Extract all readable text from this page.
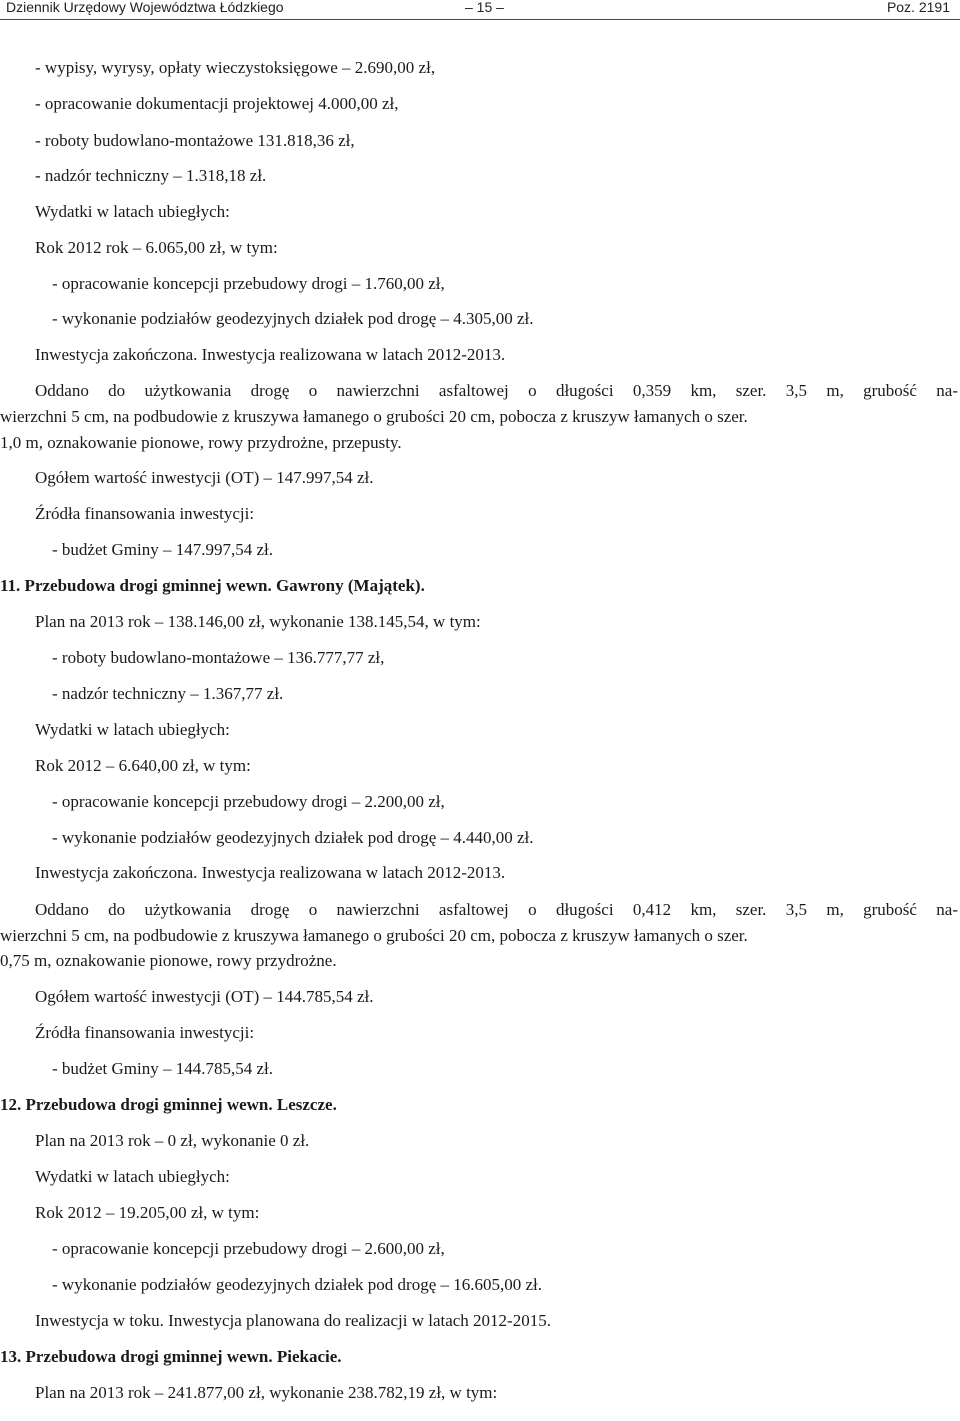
Dziennik Urzędowy Województwa Łódzkiego	– 15 –	Poz. 2191
- wypisy, wyrysy, opłaty wieczystoksięgowe – 2.690,00 zł,
- opracowanie dokumentacji projektowej 4.000,00 zł,
- roboty budowlano-montażowe 131.818,36 zł,
- nadzór techniczny – 1.318,18 zł.
Wydatki w latach ubiegłych:
Rok 2012 rok – 6.065,00 zł, w tym:
- opracowanie koncepcji przebudowy drogi – 1.760,00 zł,
- wykonanie podziałów geodezyjnych działek pod drogę – 4.305,00 zł.
Inwestycja zakończona. Inwestycja realizowana w latach 2012-2013.
Oddano do użytkowania drogę o nawierzchni asfaltowej o długości 0,359 km, szer. 3,5 m, grubość na-
wierzchni 5 cm, na podbudowie z kruszywa łamanego o grubości 20 cm, pobocza z kruszyw łamanych o szer.
1,0 m, oznakowanie pionowe, rowy przydrożne, przepusty.
Ogółem wartość inwestycji (OT) – 147.997,54 zł.
Źródła finansowania inwestycji:
- budżet Gminy – 147.997,54 zł.
11. Przebudowa drogi gminnej wewn. Gawrony (Majątek).
Plan na 2013 rok – 138.146,00 zł, wykonanie 138.145,54, w tym:
- roboty budowlano-montażowe – 136.777,77 zł,
- nadzór techniczny – 1.367,77 zł.
Wydatki w latach ubiegłych:
Rok 2012 – 6.640,00 zł, w tym:
- opracowanie koncepcji przebudowy drogi – 2.200,00 zł,
- wykonanie podziałów geodezyjnych działek pod drogę – 4.440,00 zł.
Inwestycja zakończona. Inwestycja realizowana w latach 2012-2013.
Oddano do użytkowania drogę o nawierzchni asfaltowej o długości 0,412 km, szer. 3,5 m, grubość na-
wierzchni 5 cm, na podbudowie z kruszywa łamanego o grubości 20 cm, pobocza z kruszyw łamanych o szer.
0,75 m, oznakowanie pionowe, rowy przydrożne.
Ogółem wartość inwestycji (OT) – 144.785,54 zł.
Źródła finansowania inwestycji:
- budżet Gminy – 144.785,54 zł.
12. Przebudowa drogi gminnej wewn. Leszcze.
Plan na 2013 rok – 0 zł, wykonanie 0 zł.
Wydatki w latach ubiegłych:
Rok 2012 – 19.205,00 zł, w tym:
- opracowanie koncepcji przebudowy drogi – 2.600,00 zł,
- wykonanie podziałów geodezyjnych działek pod drogę – 16.605,00 zł.
Inwestycja w toku. Inwestycja planowana do realizacji w latach 2012-2015.
13. Przebudowa drogi gminnej wewn. Piekacie.
Plan na 2013 rok – 241.877,00 zł, wykonanie 238.782,19 zł, w tym:
